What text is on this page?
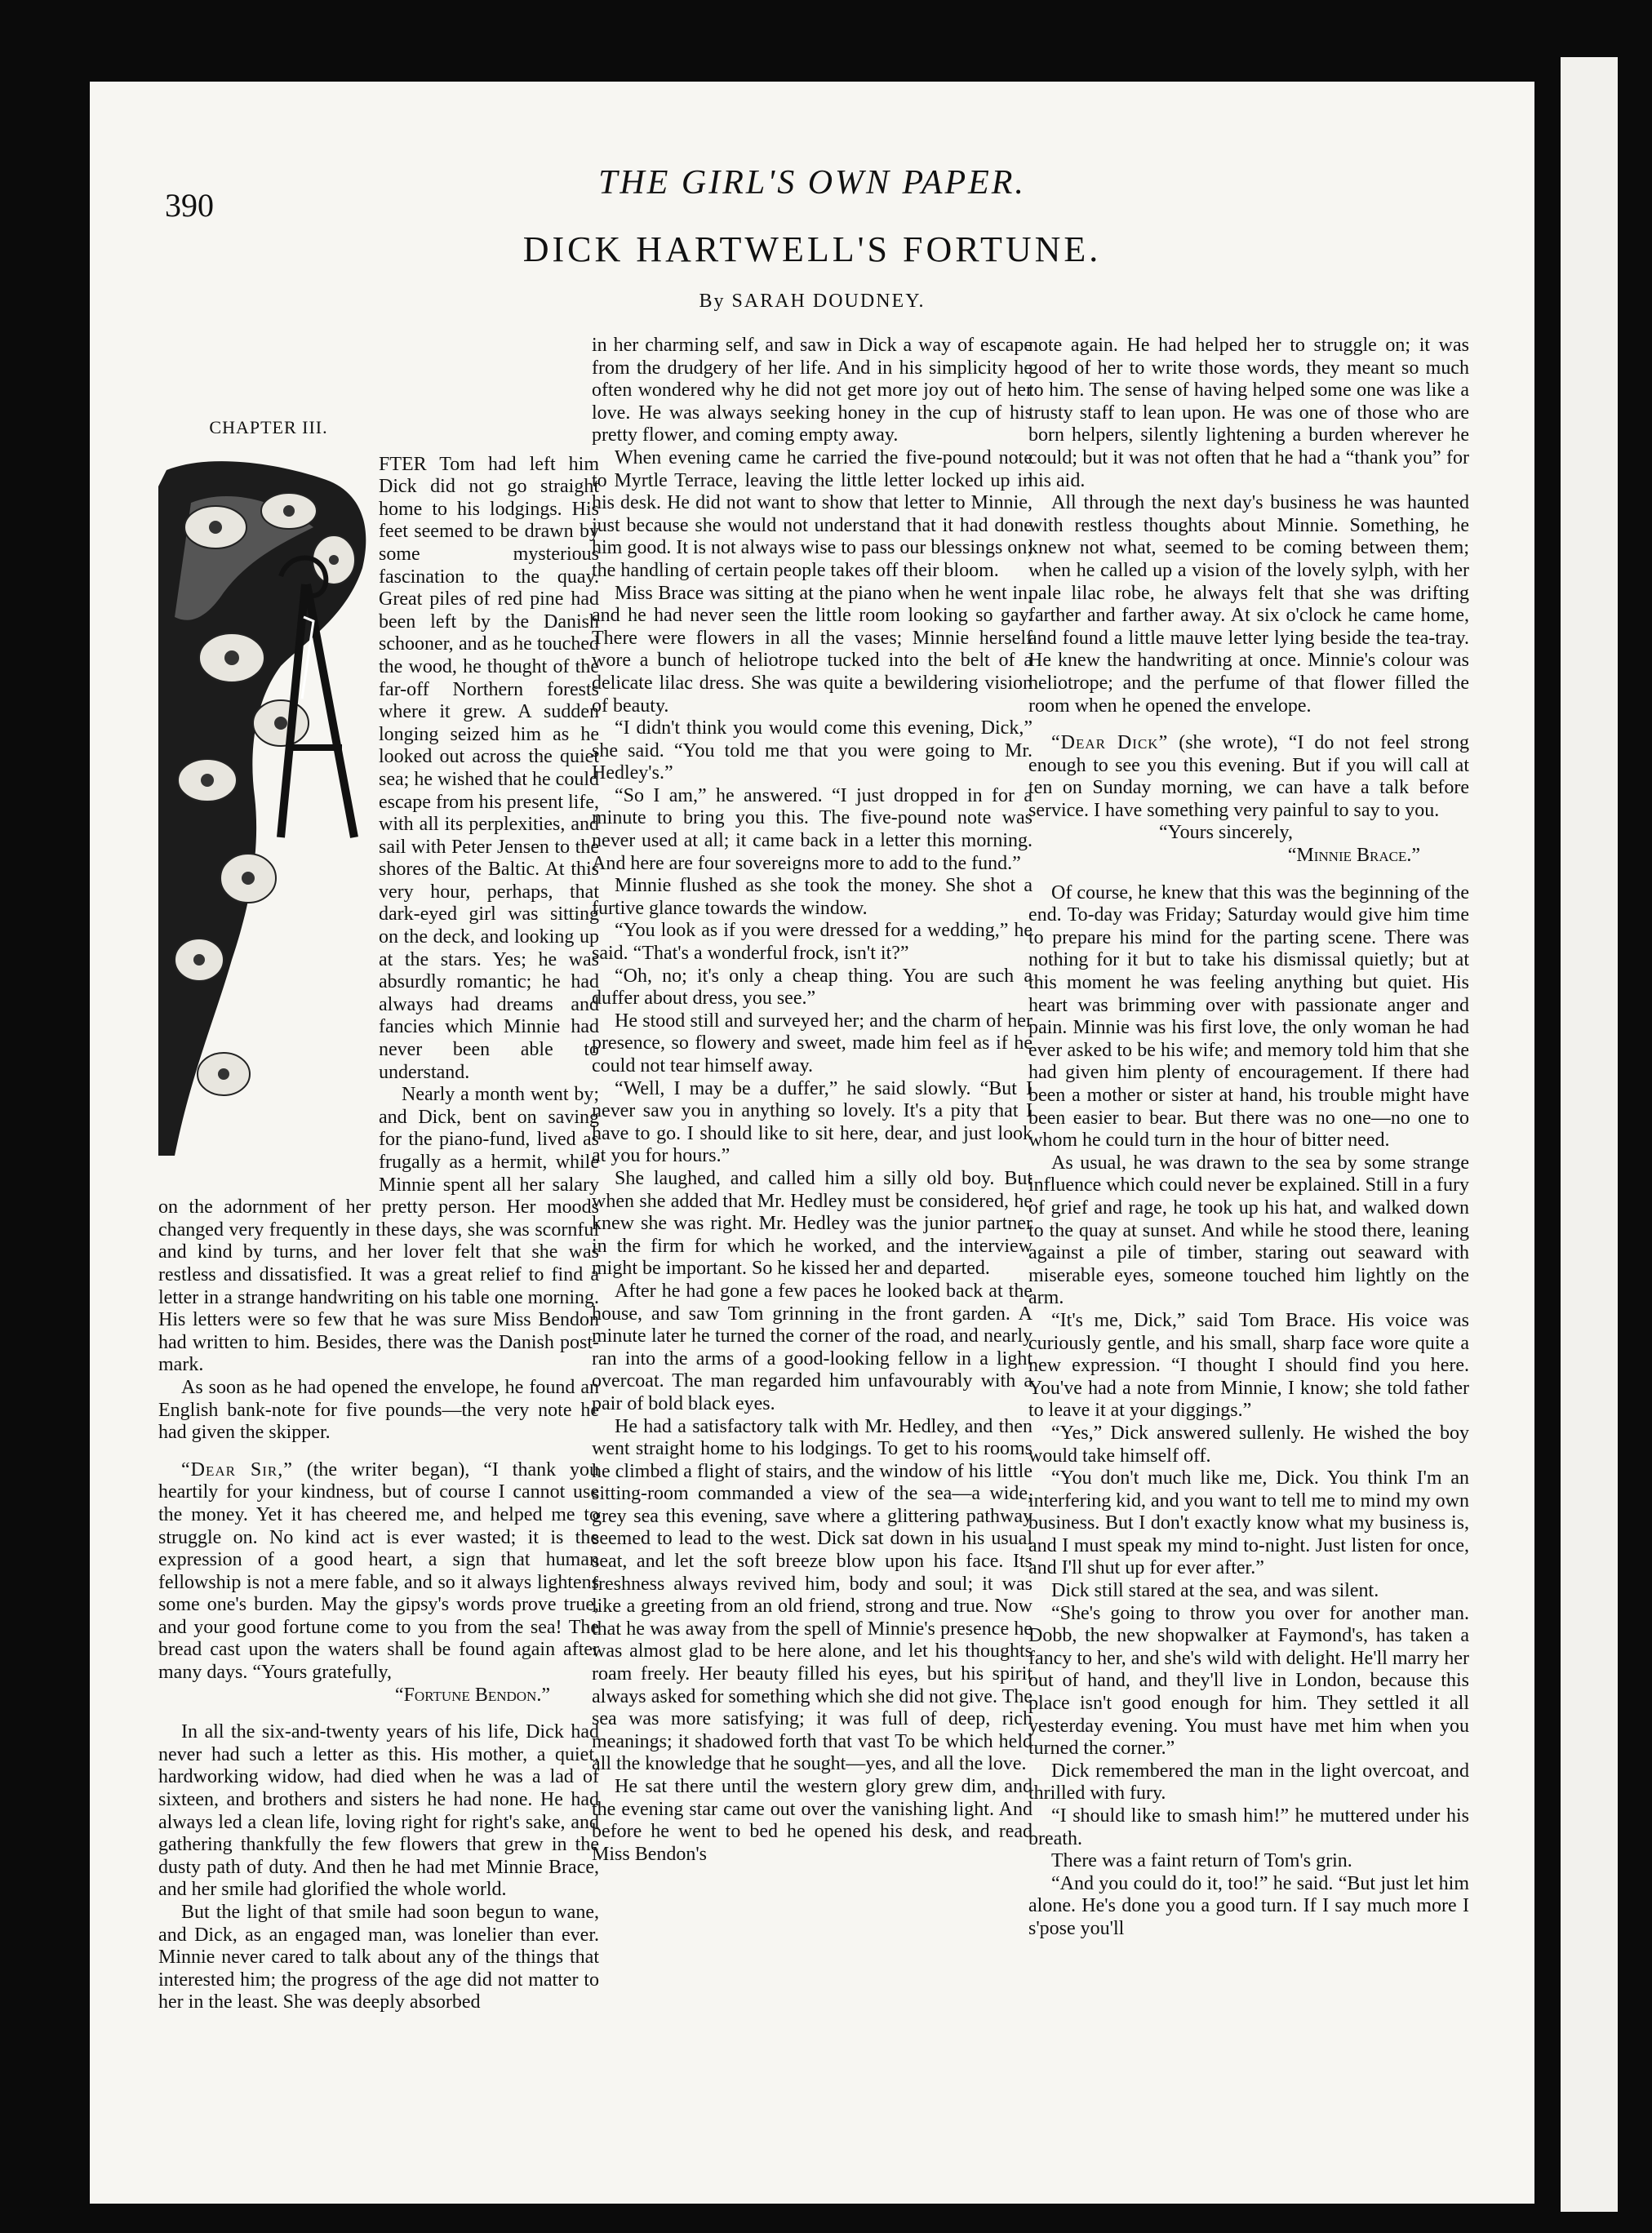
390
THE GIRL'S OWN PAPER.
DICK HARTWELL'S FORTUNE.
By SARAH DOUDNEY.
CHAPTER III.

FTER Tom had left him Dick did not go straight home to his lodgings. His feet seemed to be drawn by some mysterious fascination to the quay. Great piles of red pine had been left by the Danish schooner, and as he touched the wood, he thought of the far-off Northern forests where it grew. A sudden longing seized him as he looked out across the quiet sea; he wished that he could escape from his present life, with all its perplexities, and sail with Peter Jensen to the shores of the Baltic. At this very hour, perhaps, that dark-eyed girl was sitting on the deck, and looking up at the stars. Yes; he was absurdly romantic; he had always had dreams and fancies which Minnie had never been able to understand.

Nearly a month went by; and Dick, bent on saving for the piano-fund, lived as frugally as a hermit, while Minnie spent all her salary on the adornment of her pretty person. Her moods changed very frequently in these days, she was scornful and kind by turns, and her lover felt that she was restless and dissatisfied. It was a great relief to find a letter in a strange handwriting on his table one morning. His letters were so few that he was sure Miss Bendon had written to him. Besides, there was the Danish post-mark.

As soon as he had opened the envelope, he found an English bank-note for five pounds—the very note he had given the skipper.

“Dear Sir,” (the writer began), “I thank you heartily for your kindness, but of course I cannot use the money. Yet it has cheered me, and helped me to struggle on. No kind act is ever wasted; it is the expression of a good heart, a sign that human fellowship is not a mere fable, and so it always lightens some one's burden. May the gipsy's words prove true, and your good fortune come to you from the sea! The bread cast upon the waters shall be found again after many days. “Yours gratefully,

“Fortune Bendon.”

In all the six-and-twenty years of his life, Dick had never had such a letter as this. His mother, a quiet, hardworking widow, had died when he was a lad of sixteen, and brothers and sisters he had none. He had always led a clean life, loving right for right's sake, and gathering thankfully the few flowers that grew in the dusty path of duty. And then he had met Minnie Brace, and her smile had glorified the whole world.

But the light of that smile had soon begun to wane, and Dick, as an engaged man, was lonelier than ever. Minnie never cared to talk about any of the things that interested him; the progress of the age did not matter to her in the least. She was deeply absorbed

in her charming self, and saw in Dick a way of escape from the drudgery of her life. And in his simplicity he often wondered why he did not get more joy out of her love. He was always seeking honey in the cup of his pretty flower, and coming empty away.

When evening came he carried the five-pound note to Myrtle Terrace, leaving the little letter locked up in his desk. He did not want to show that letter to Minnie, just because she would not understand that it had done him good. It is not always wise to pass our blessings on; the handling of certain people takes off their bloom.

Miss Brace was sitting at the piano when he went in, and he had never seen the little room looking so gay. There were flowers in all the vases; Minnie herself wore a bunch of heliotrope tucked into the belt of a delicate lilac dress. She was quite a bewildering vision of beauty.

“I didn't think you would come this evening, Dick,” she said. “You told me that you were going to Mr. Hedley's.”

“So I am,” he answered. “I just dropped in for a minute to bring you this. The five-pound note was never used at all; it came back in a letter this morning. And here are four sovereigns more to add to the fund.”

Minnie flushed as she took the money. She shot a furtive glance towards the window.

“You look as if you were dressed for a wedding,” he said. “That's a wonderful frock, isn't it?”

“Oh, no; it's only a cheap thing. You are such a duffer about dress, you see.”

He stood still and surveyed her; and the charm of her presence, so flowery and sweet, made him feel as if he could not tear himself away.

“Well, I may be a duffer,” he said slowly. “But I never saw you in anything so lovely. It's a pity that I have to go. I should like to sit here, dear, and just look at you for hours.”

She laughed, and called him a silly old boy. But when she added that Mr. Hedley must be considered, he knew she was right. Mr. Hedley was the junior partner in the firm for which he worked, and the interview might be important. So he kissed her and departed.

After he had gone a few paces he looked back at the house, and saw Tom grinning in the front garden. A minute later he turned the corner of the road, and nearly ran into the arms of a good-looking fellow in a light overcoat. The man regarded him unfavourably with a pair of bold black eyes.

He had a satisfactory talk with Mr. Hedley, and then went straight home to his lodgings. To get to his rooms he climbed a flight of stairs, and the window of his little sitting-room commanded a view of the sea—a wide, grey sea this evening, save where a glittering pathway seemed to lead to the west. Dick sat down in his usual seat, and let the soft breeze blow upon his face. Its freshness always revived him, body and soul; it was like a greeting from an old friend, strong and true. Now that he was away from the spell of Minnie's presence he was almost glad to be here alone, and let his thoughts roam freely. Her beauty filled his eyes, but his spirit always asked for something which she did not give. The sea was more satisfying; it was full of deep, rich meanings; it shadowed forth that vast To be which held all the knowledge that he sought—yes, and all the love.

He sat there until the western glory grew dim, and the evening star came out over the vanishing light. And before he went to bed he opened his desk, and read Miss Bendon's

note again. He had helped her to struggle on; it was good of her to write those words, they meant so much to him. The sense of having helped some one was like a trusty staff to lean upon. He was one of those who are born helpers, silently lightening a burden wherever he could; but it was not often that he had a “thank you” for his aid.

All through the next day's business he was haunted with restless thoughts about Minnie. Something, he knew not what, seemed to be coming between them; when he called up a vision of the lovely sylph, with her pale lilac robe, he always felt that she was drifting farther and farther away. At six o'clock he came home, and found a little mauve letter lying beside the tea-tray. He knew the handwriting at once. Minnie's colour was heliotrope; and the perfume of that flower filled the room when he opened the envelope.

“Dear Dick” (she wrote), “I do not feel strong enough to see you this evening. But if you will call at ten on Sunday morning, we can have a talk before service. I have something very painful to say to you.

“Yours sincerely,

“Minnie Brace.”

Of course, he knew that this was the beginning of the end. To-day was Friday; Saturday would give him time to prepare his mind for the parting scene. There was nothing for it but to take his dismissal quietly; but at this moment he was feeling anything but quiet. His heart was brimming over with passionate anger and pain. Minnie was his first love, the only woman he had ever asked to be his wife; and memory told him that she had given him plenty of encouragement. If there had been a mother or sister at hand, his trouble might have been easier to bear. But there was no one—no one to whom he could turn in the hour of bitter need.

As usual, he was drawn to the sea by some strange influence which could never be explained. Still in a fury of grief and rage, he took up his hat, and walked down to the quay at sunset. And while he stood there, leaning against a pile of timber, staring out seaward with miserable eyes, someone touched him lightly on the arm.

“It's me, Dick,” said Tom Brace. His voice was curiously gentle, and his small, sharp face wore quite a new expression. “I thought I should find you here. You've had a note from Minnie, I know; she told father to leave it at your diggings.”

“Yes,” Dick answered sullenly. He wished the boy would take himself off.

“You don't much like me, Dick. You think I'm an interfering kid, and you want to tell me to mind my own business. But I don't exactly know what my business is, and I must speak my mind to-night. Just listen for once, and I'll shut up for ever after.”

Dick still stared at the sea, and was silent.

“She's going to throw you over for another man. Dobb, the new shopwalker at Faymond's, has taken a fancy to her, and she's wild with delight. He'll marry her out of hand, and they'll live in London, because this place isn't good enough for him. They settled it all yesterday evening. You must have met him when you turned the corner.”

Dick remembered the man in the light overcoat, and thrilled with fury.

“I should like to smash him!” he muttered under his breath.

There was a faint return of Tom's grin.

“And you could do it, too!” he said. “But just let him alone. He's done you a good turn. If I say much more I s'pose you'll
